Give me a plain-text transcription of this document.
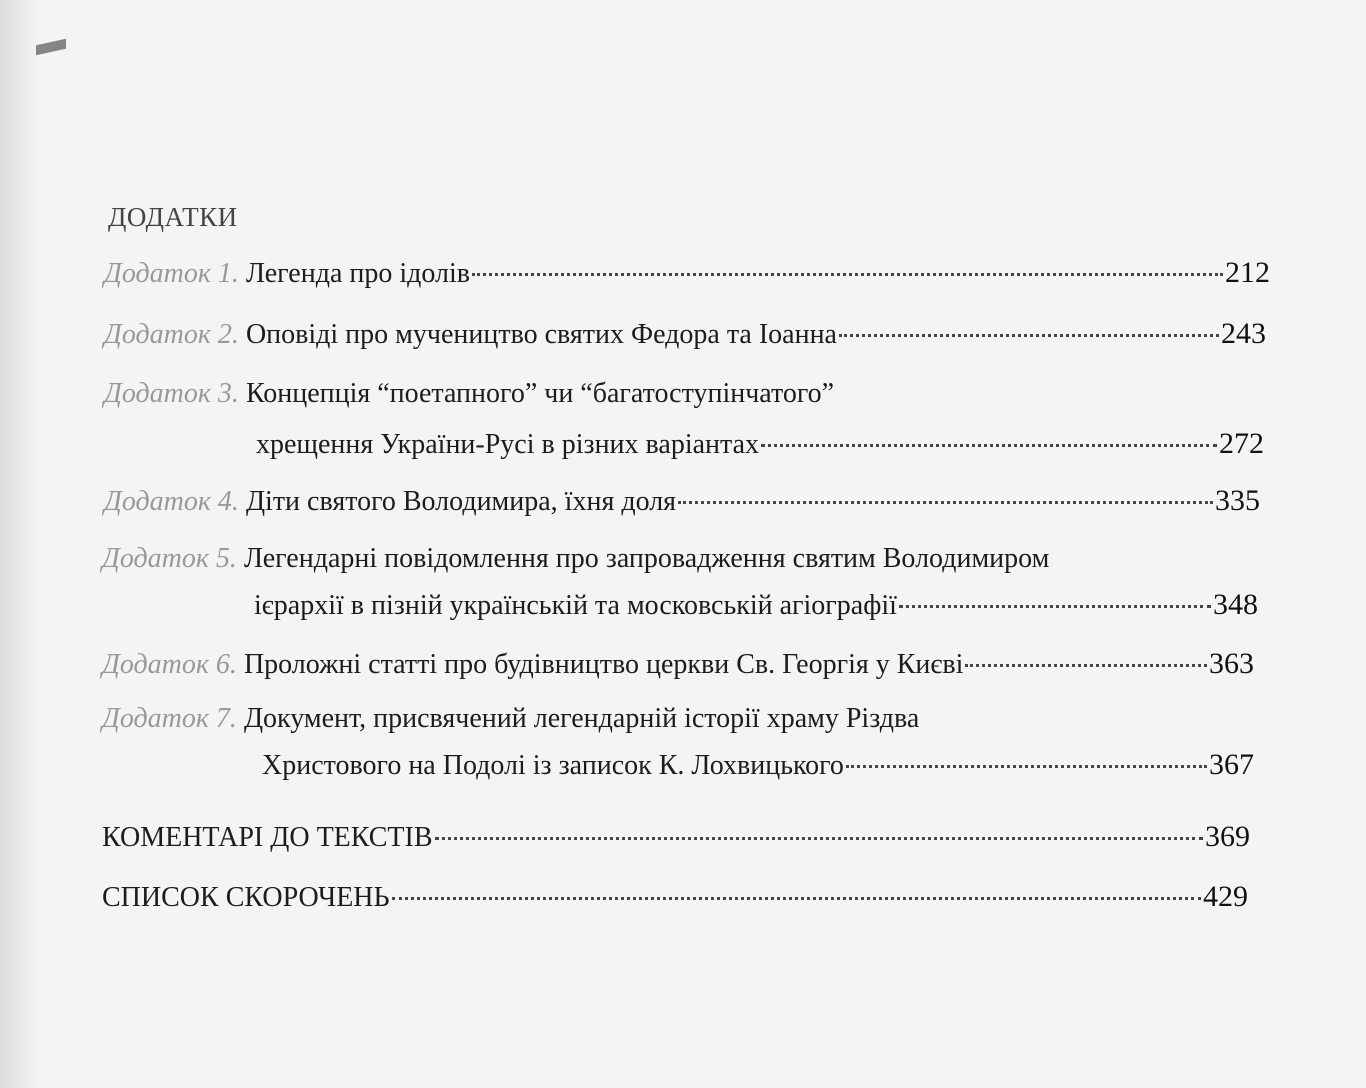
ДОДАТКИ
Додаток 1.
Легенда про ідолів	212
Додаток 2.
Оповіді про мучеництво святих Федора та Іоанна	243
Додаток 3.
Концепція “поетапного” чи “багатоступінчатого”
хрещення України-Русі в різних варіантах	272
Додаток 4.
Діти святого Володимира, їхня доля	335
Додаток 5.
Легендарні повідомлення про запровадження святим Володимиром
ієрархії в пізній українській та московській агіографії	348
Додаток 6.
Проложні статті про будівництво церкви Св. Георгія у Києві	363
Додаток 7.
Документ, присвячений легендарній історії храму Різдва
Христового на Подолі із записок К. Лохвицького	367
КОМЕНТАРІ ДО ТЕКСТІВ	369
СПИСОК СКОРОЧЕНЬ	429
